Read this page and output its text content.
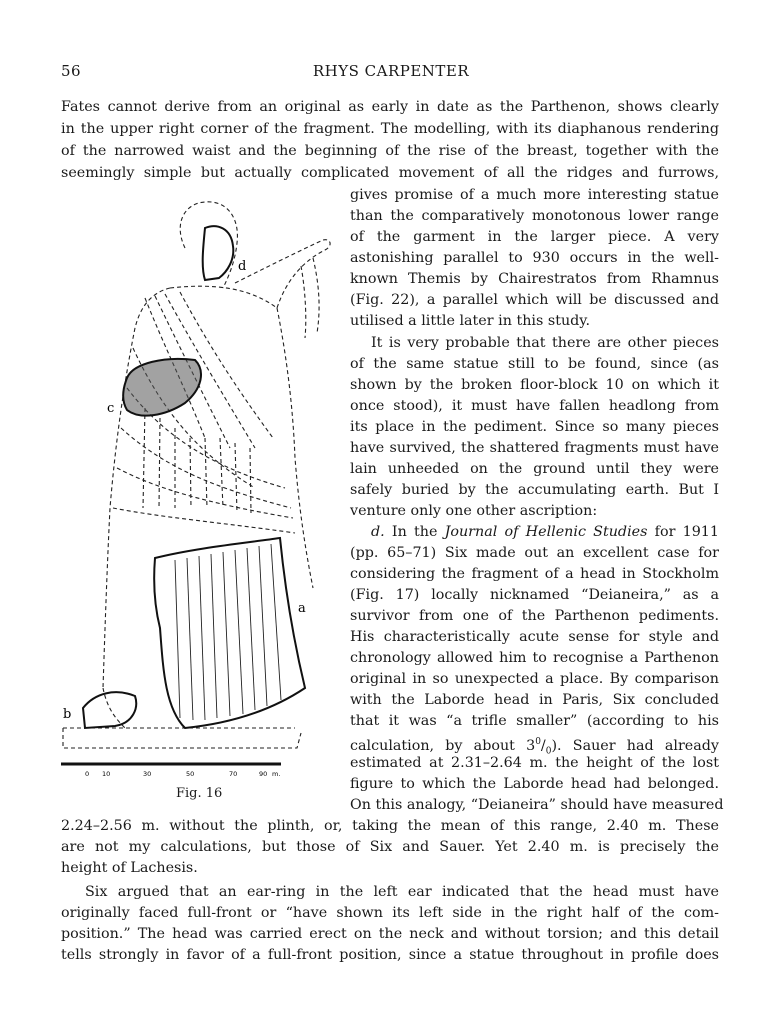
56	RHYS CARPENTER
Fates cannot derive from an original as early in date as the Parthenon, shows clearly
in the upper right corner of the fragment. The modelling, with its diaphanous rendering
of the narrowed waist and the beginning of the rise of the breast, together with the
seemingly simple but actually complicated movement of all the ridges and furrows,
gives promise of a much more interesting statue
than the comparatively monotonous lower range
of the garment in the larger piece. A very
astonishing parallel to 930 occurs in the well-
known Themis by Chairestratos from Rhamnus
(Fig. 22), a parallel which will be discussed and
utilised a little later in this study.
It is very probable that there are other pieces
of the same statue still to be found, since (as
shown by the broken floor-block 10 on which it
once stood), it must have fallen headlong from
its place in the pediment. Since so many pieces
have survived, the shattered fragments must have
lain unheeded on the ground until they were
safely buried by the accumulating earth. But I
venture only one other ascription:
d. In the Journal of Hellenic Studies for 1911
(pp. 65–71) Six made out an excellent case for
considering the fragment of a head in Stockholm
(Fig. 17) locally nicknamed “Deianeira,” as a
survivor from one of the Parthenon pediments.
His characteristically acute sense for style and
chronology allowed him to recognise a Parthenon
original in so unexpected a place. By comparison
with the Laborde head in Paris, Six concluded
that it was “a trifle smaller” (according to his
calculation, by about $3^0/_0$). Sauer had already
estimated at 2.31–2.64 m. the height of the lost
figure to which the Laborde head had belonged.
On this analogy, “Deianeira” should have measured
2.24–2.56 m. without the plinth, or, taking the mean of this range, 2.40 m. These
are not my calculations, but those of Six and Sauer. Yet 2.40 m. is precisely the
height of Lachesis.
Six argued that an ear-ring in the left ear indicated that the head must have
originally faced full-front or “have shown its left side in the right half of the com-
position.” The head was carried erect on the neck and without torsion; and this detail
tells strongly in favor of a full-front position, since a statue throughout in profile does
d
c
a
b
0 10	30	50	70	90 m.
Fig. 16
